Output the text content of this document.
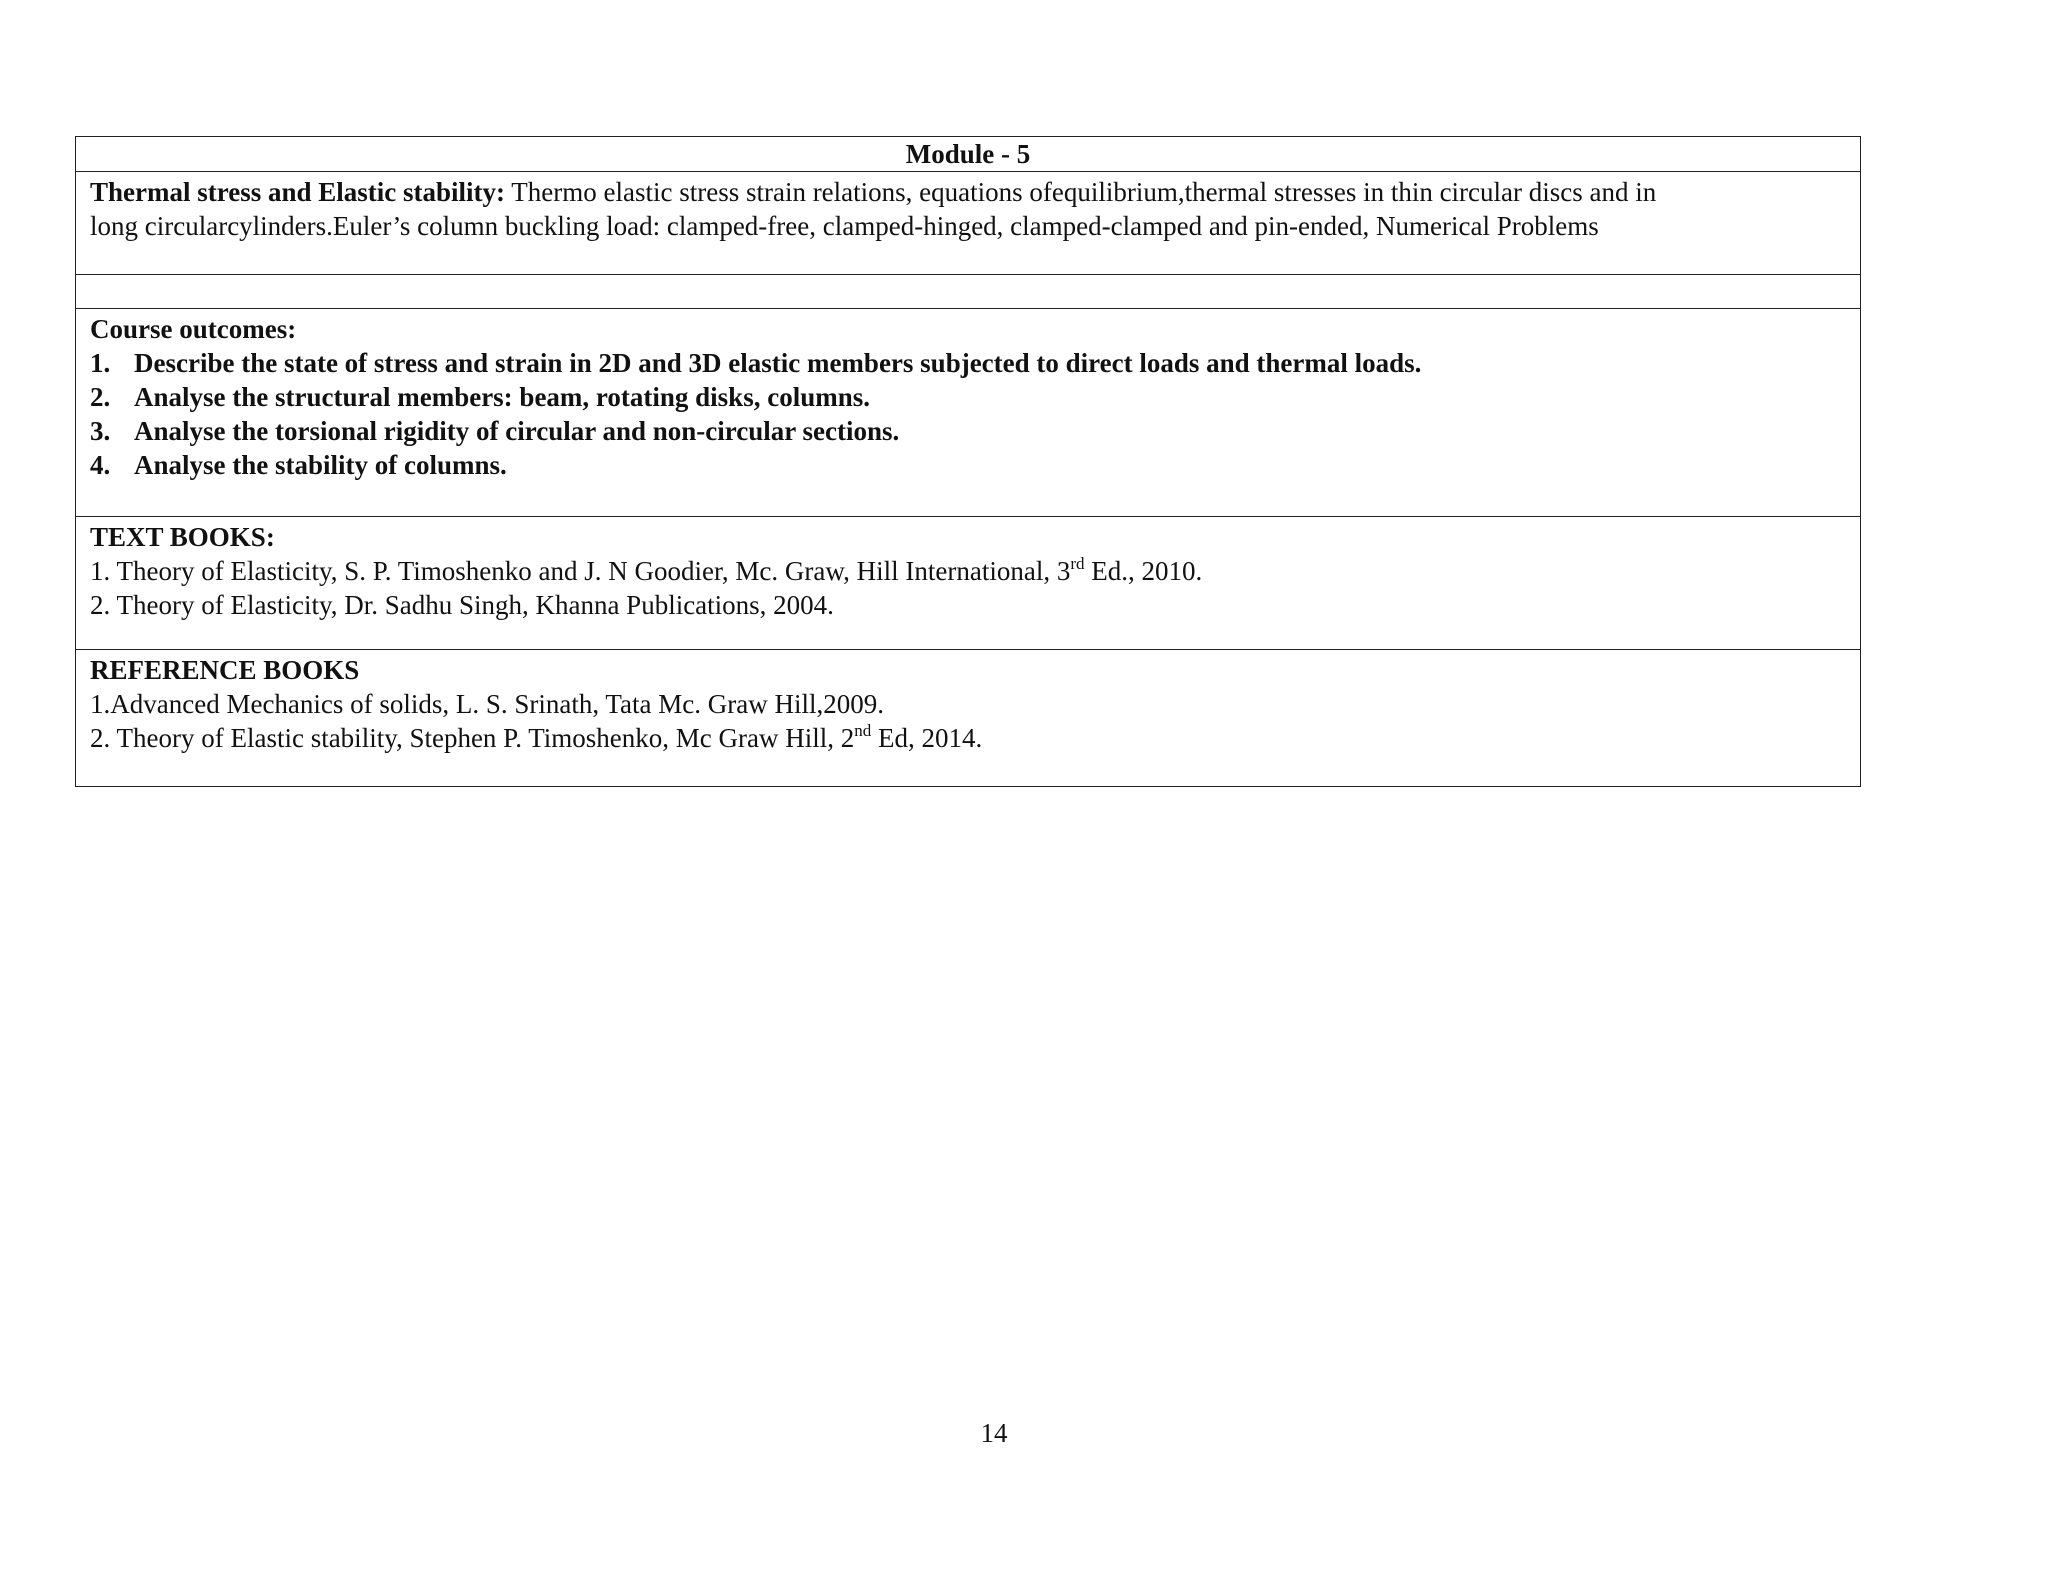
Module - 5
Thermal stress and Elastic stability: Thermo elastic stress strain relations, equations ofequilibrium,thermal stresses in thin circular discs and in
long circularcylinders.Euler’s column buckling load: clamped-free, clamped-hinged, clamped-clamped and pin-ended, Numerical Problems
Course outcomes:
1. Describe the state of stress and strain in 2D and 3D elastic members subjected to direct loads and thermal loads.
2. Analyse the structural members: beam, rotating disks, columns.
3. Analyse the torsional rigidity of circular and non-circular sections.
4. Analyse the stability of columns.
TEXT BOOKS:
1. Theory of Elasticity, S. P. Timoshenko and J. N Goodier, Mc. Graw, Hill International, 3rd Ed., 2010.
2. Theory of Elasticity, Dr. Sadhu Singh, Khanna Publications, 2004.
REFERENCE BOOKS
1.Advanced Mechanics of solids, L. S. Srinath, Tata Mc. Graw Hill,2009.
2. Theory of Elastic stability, Stephen P. Timoshenko, Mc Graw Hill, 2nd Ed, 2014.
14
